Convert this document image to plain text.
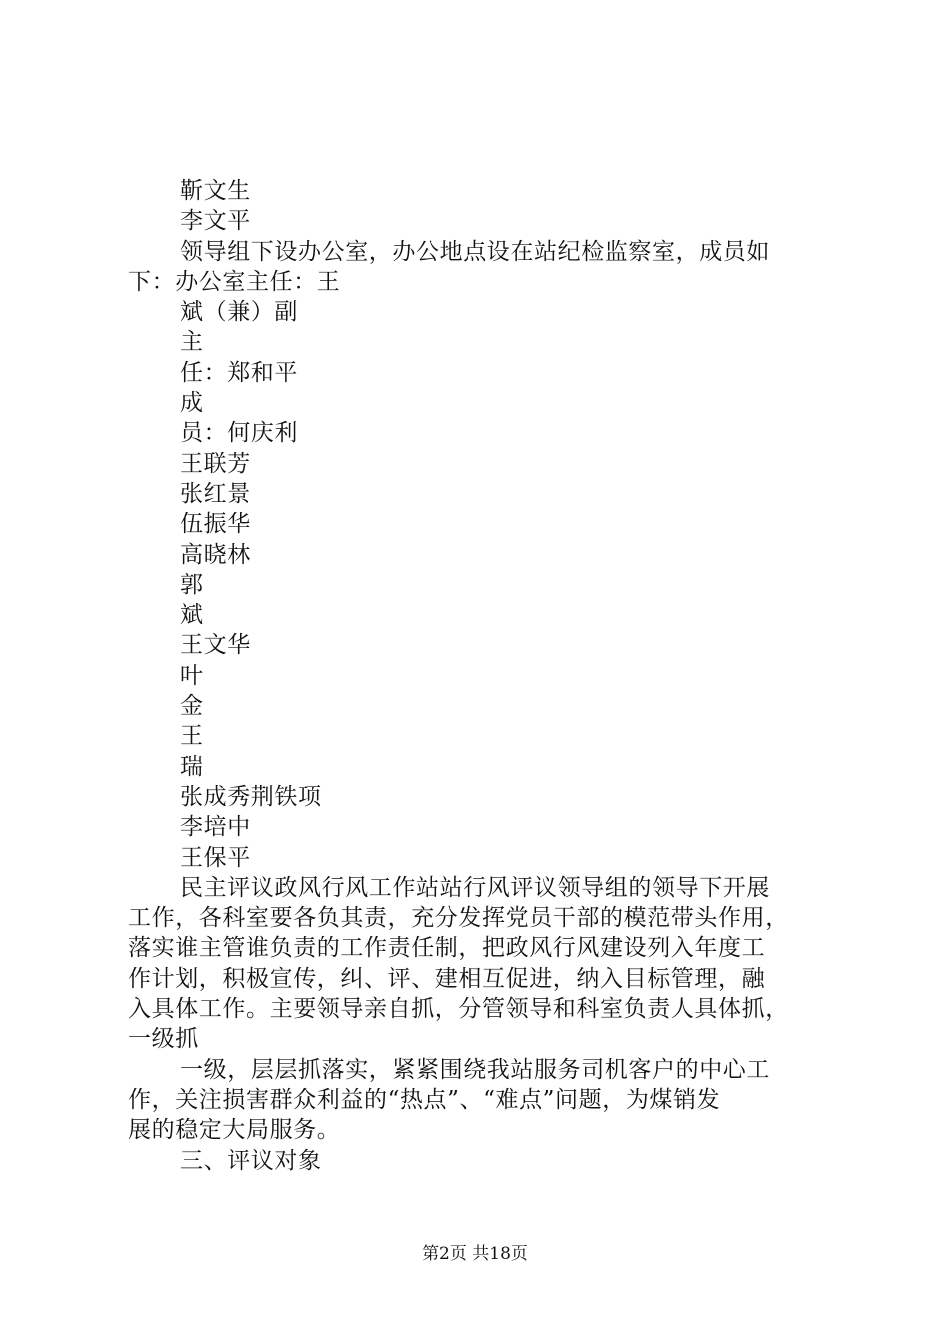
靳文生
李文平
领导组下设办公室，办公地点设在站纪检监察室，成员如
下：办公室主任：王
斌（兼）副
主
任：郑和平
成
员：何庆利
王联芳
张红景
伍振华
高晓林
郭
斌
王文华
叶
金
王
瑞
张成秀荆铁项
李培中
王保平
民主评议政风行风工作站站行风评议领导组的领导下开展
工作，各科室要各负其责，充分发挥党员干部的模范带头作用，
落实谁主管谁负责的工作责任制，把政风行风建设列入年度工
作计划，积极宣传，纠、评、建相互促进，纳入目标管理，融
入具体工作。主要领导亲自抓，分管领导和科室负责人具体抓，
一级抓
一级，层层抓落实，紧紧围绕我站服务司机客户的中心工
作，关注损害群众利益的“热点”、“难点”问题，为煤销发
展的稳定大局服务。
三、评议对象
第2页 共18页
